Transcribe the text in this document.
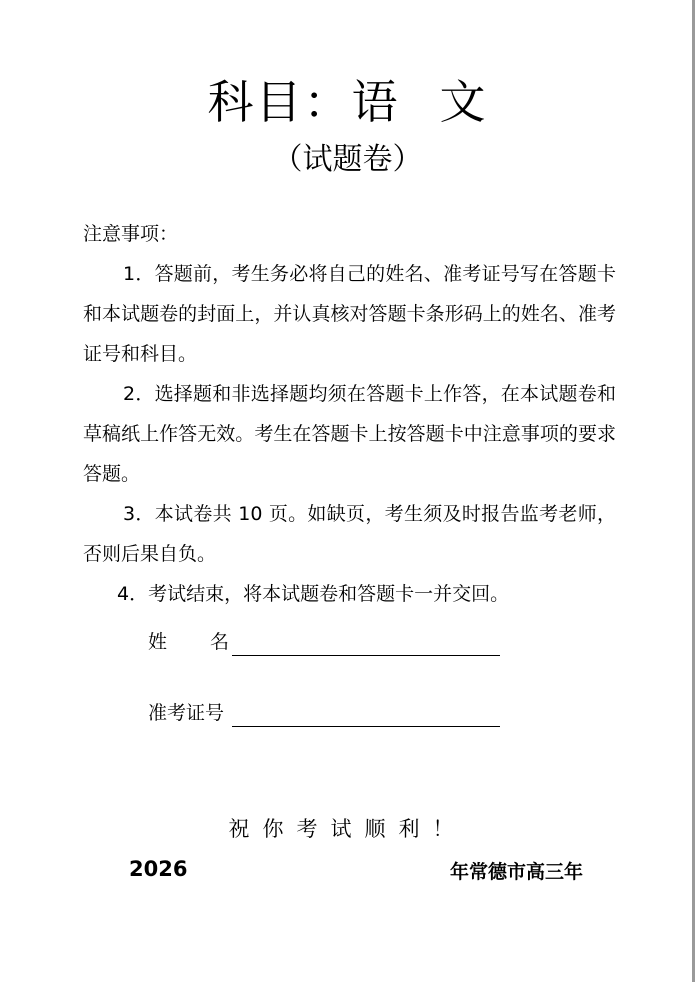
科目：语 文
（试题卷）
注意事项：

1．答题前，考生务必将自己的姓名、准考证号写在答题卡和本试题卷的封面上，并认真核对答题卡条形码上的姓名、准考证号和科目。

2．选择题和非选择题均须在答题卡上作答，在本试题卷和草稿纸上作答无效。考生在答题卡上按答题卡中注意事项的要求答题。

3．本试卷共 10 页。如缺页，考生须及时报告监考老师，否则后果自负。

4．考试结束，将本试题卷和答题卡一并交回。

姓 名
准考证号
祝你考试顺利！
2026	年常德市高三年
